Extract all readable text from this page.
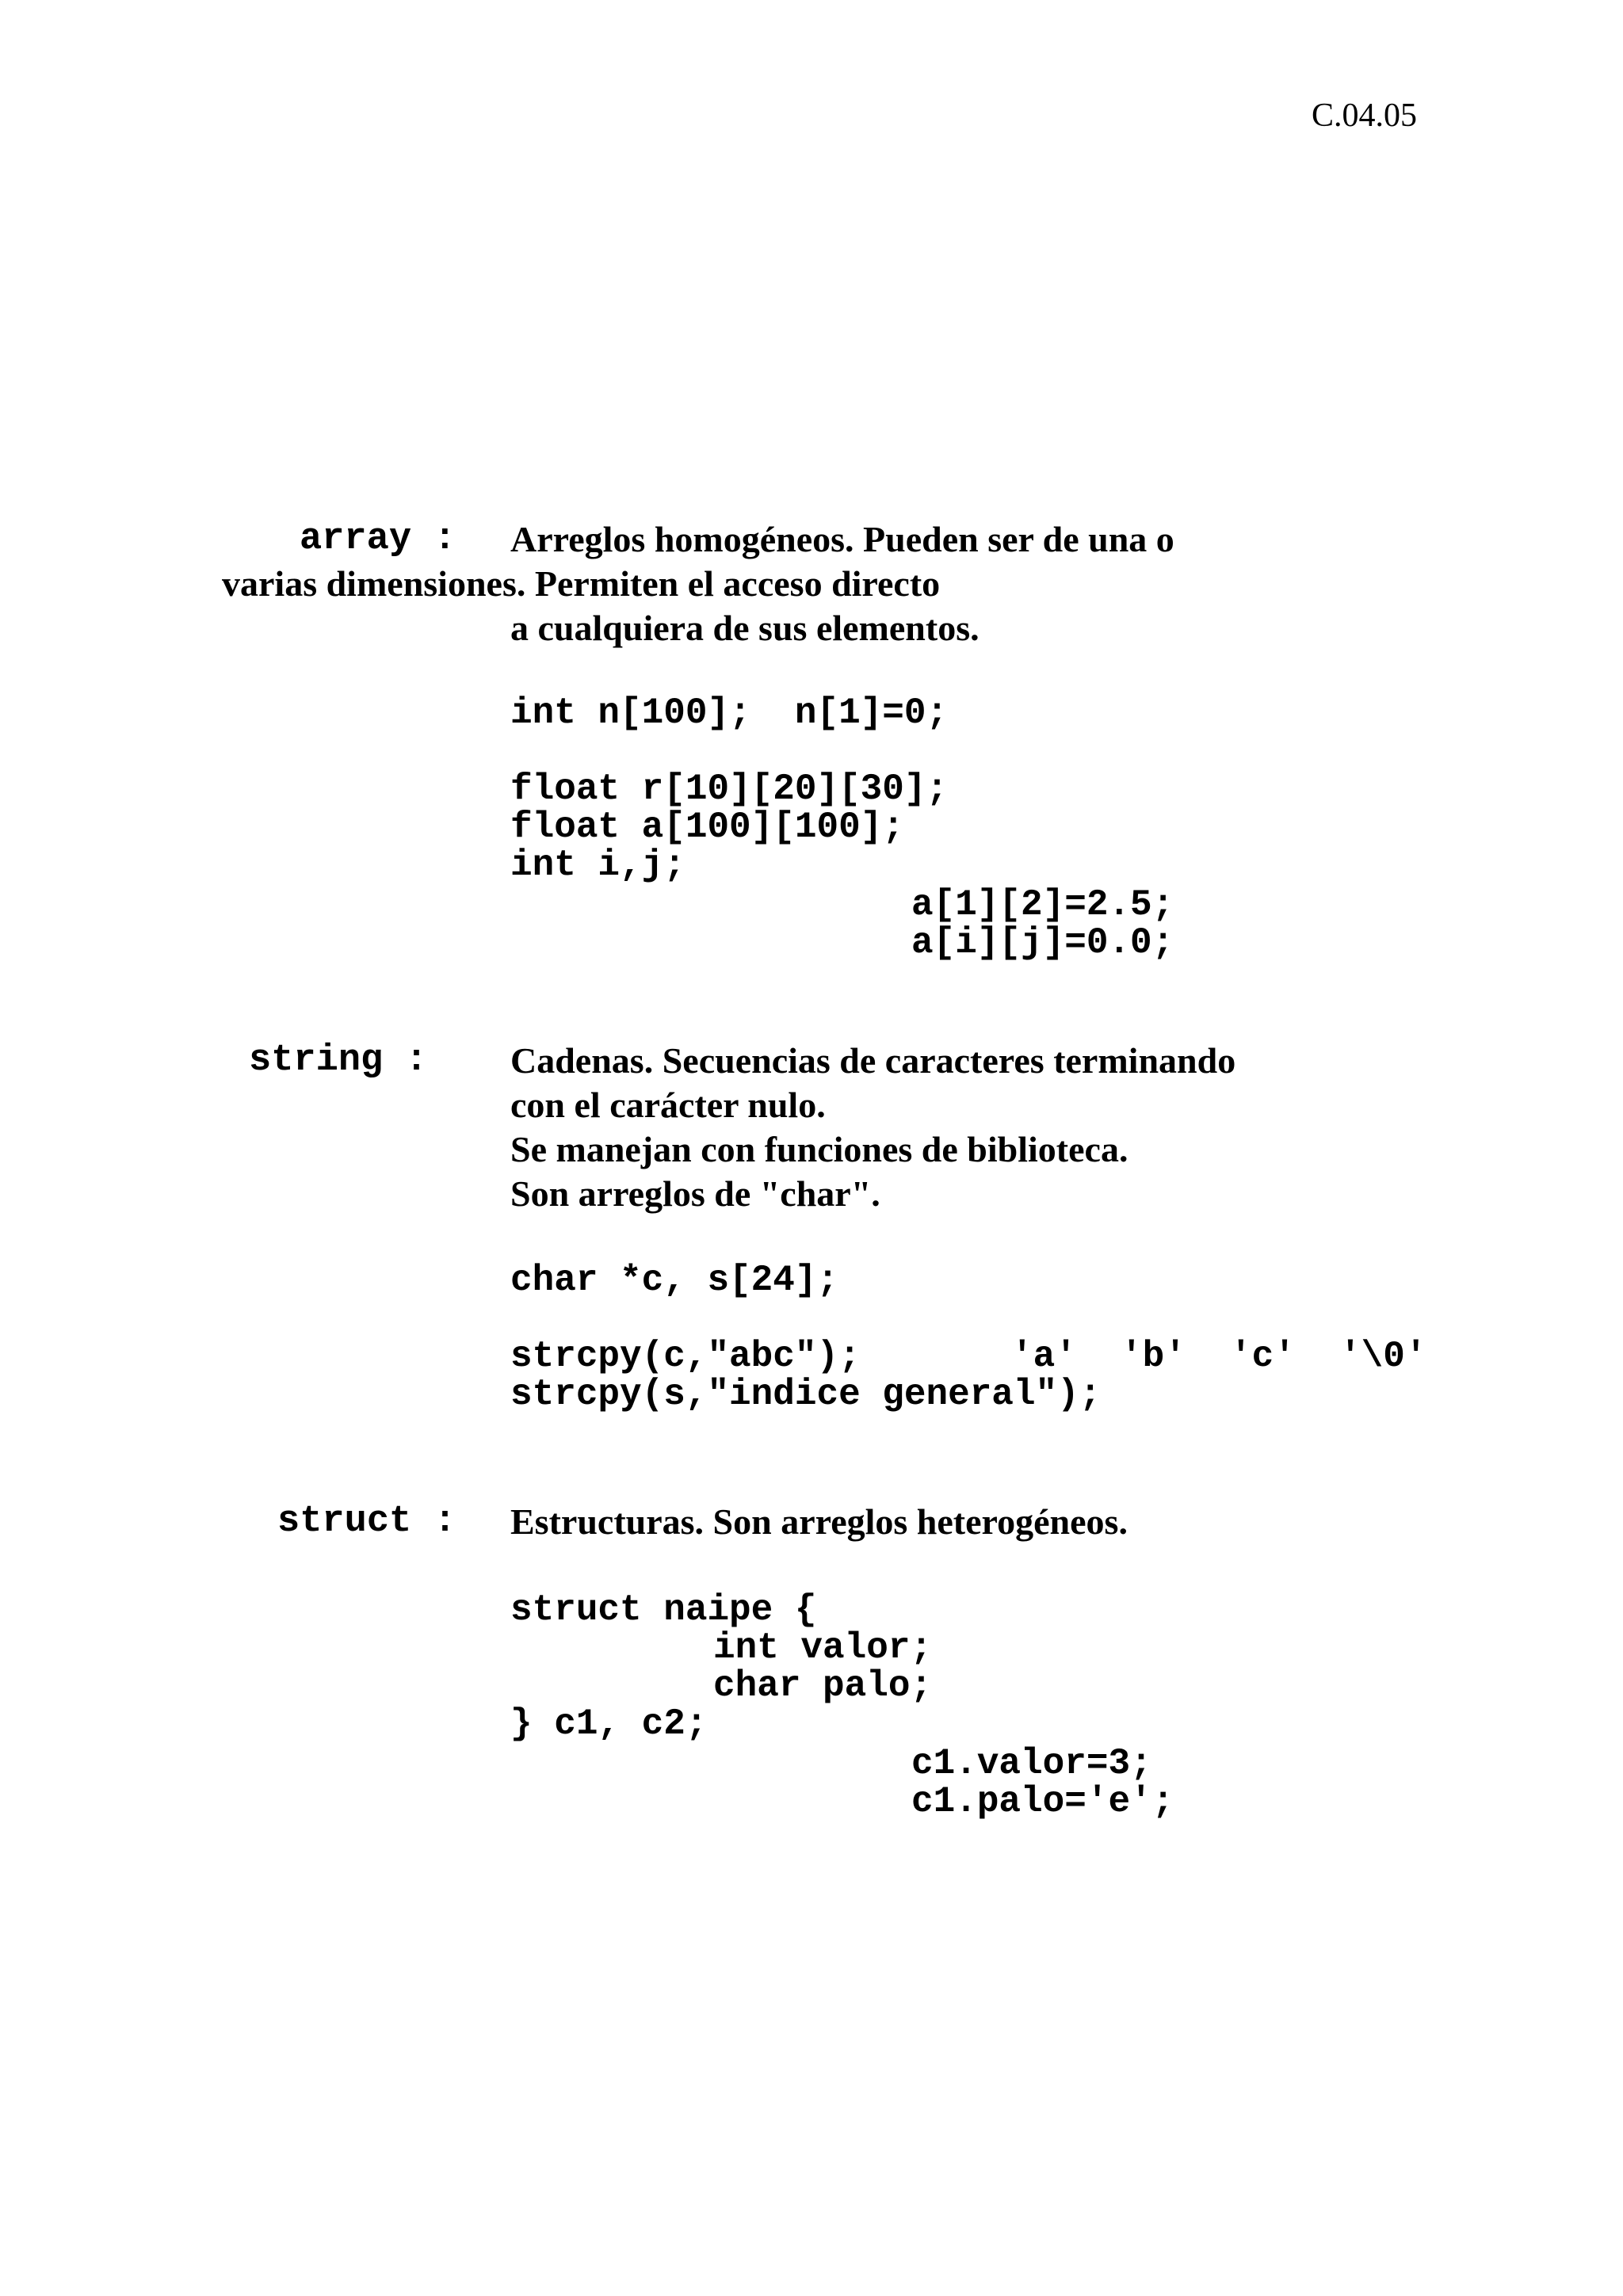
C.04.05
array : Arreglos homogéneos. Pueden ser de una o
varias dimensiones. Permiten el acceso directo
a cualquiera de sus elementos.
int n[100];  n[1]=0;
float r[10][20][30];
float a[100][100];
int i,j;
a[1][2]=2.5;
a[i][j]=0.0;
string : Cadenas. Secuencias de caracteres terminando
con el carácter nulo.
Se manejan con funciones de biblioteca.
Son arreglos de "char".
char *c, s[24];
strcpy(c,"abc");	'a'  'b'  'c'  '\0'
strcpy(s,"indice general");
struct : Estructuras. Son arreglos heterogéneos.
struct naipe {
int valor;
char palo;
} c1, c2;
c1.valor=3;
c1.palo='e';
